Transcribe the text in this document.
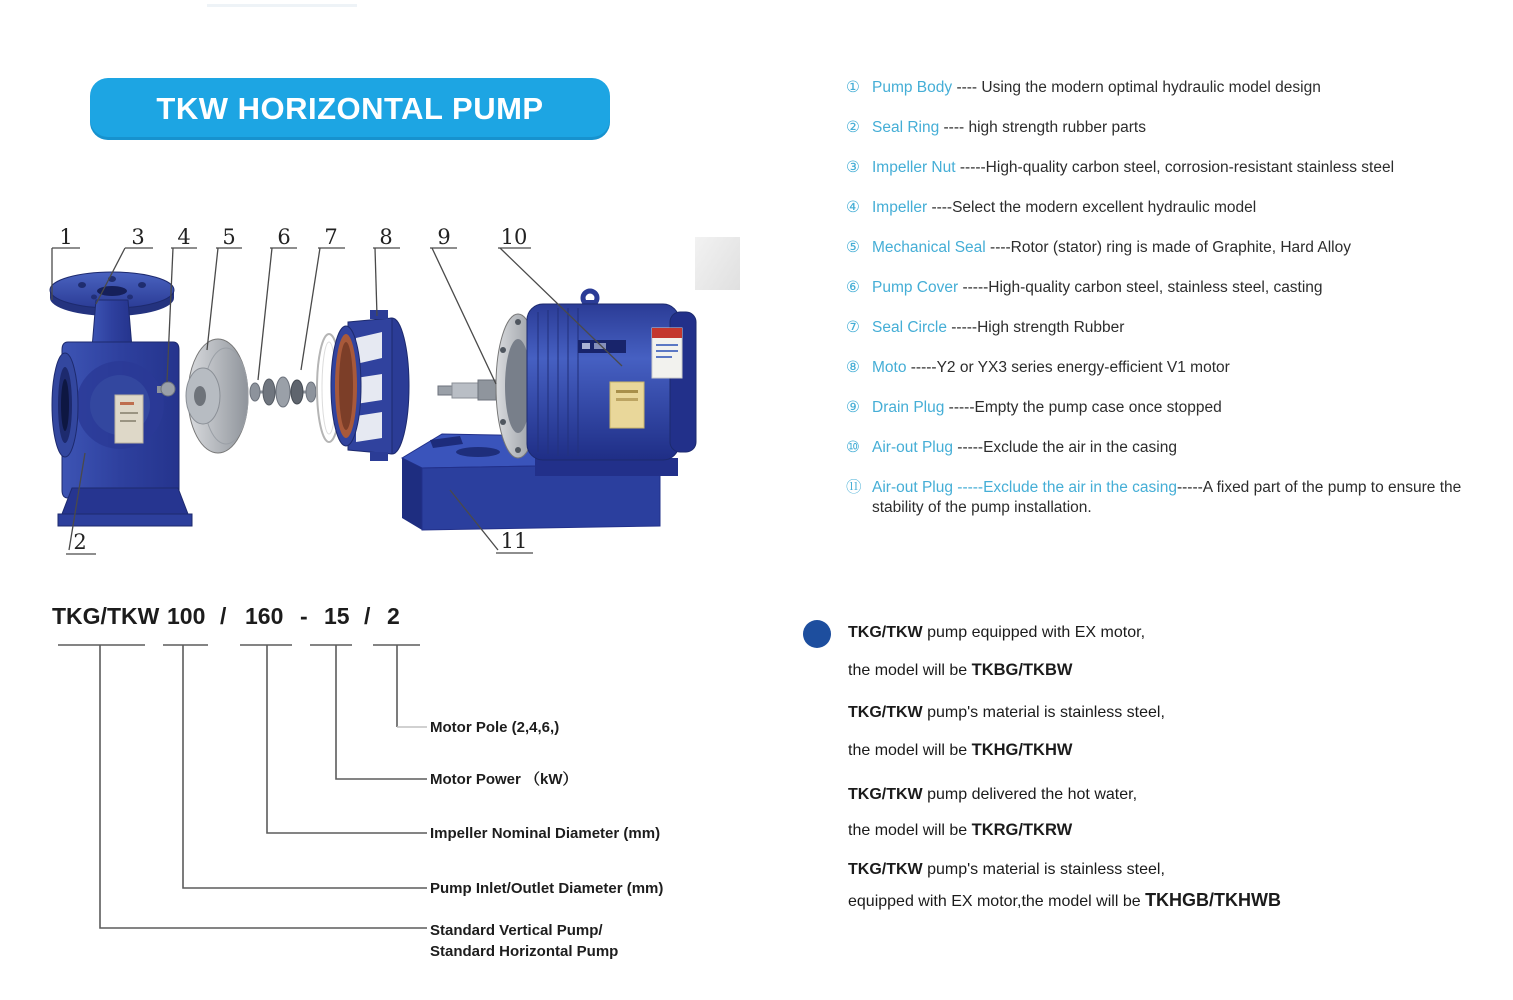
TKW HORIZONTAL PUMP
1	3 4 5 6 7 8 9 10
2	11
① Pump Body ---- Using the modern optimal hydraulic model design
② Seal Ring ---- high strength rubber parts
③ Impeller Nut -----High-quality carbon steel, corrosion-resistant stainless steel
④ Impeller ----Select the modern excellent hydraulic model
⑤ Mechanical Seal ----Rotor (stator) ring is made of Graphite, Hard Alloy
⑥ Pump Cover -----High-quality carbon steel, stainless steel, casting
⑦ Seal Circle -----High strength Rubber
⑧ Moto -----Y2 or YX3 series energy-efficient V1 motor
⑨ Drain Plug -----Empty the pump case once stopped
⑩ Air-out Plug -----Exclude the air in the casing
⑪ Air-out Plug -----Exclude the air in the casing-----A fixed part of the pump to ensure the stability of the pump installation.
TKG/TKW 100 / 160 - 15 / 2
Motor Pole (2,4,6,)
Motor Power （kW）
Impeller Nominal Diameter (mm)
Pump Inlet/Outlet Diameter (mm)
Standard Vertical Pump/
Standard Horizontal Pump
TKG/TKW pump equipped with EX motor,
the model will be TKBG/TKBW
TKG/TKW pump's material is stainless steel,
the model will be TKHG/TKHW
TKG/TKW pump delivered the hot water,
the model will be TKRG/TKRW
TKG/TKW pump's material is stainless steel,
equipped with EX motor,the model will be TKHGB/TKHWB
